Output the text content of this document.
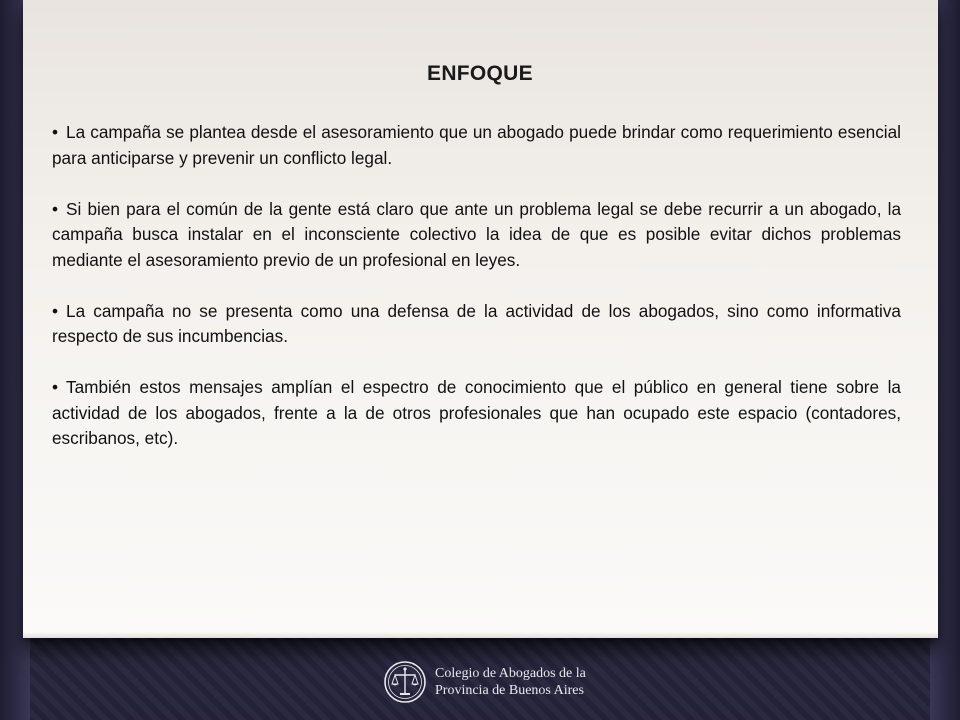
ENFOQUE

• La campaña se plantea desde el asesoramiento que un abogado puede brindar como requerimiento esencial para anticiparse y prevenir un conflicto legal.

• Si bien para el común de la gente está claro que ante un problema legal se debe recurrir a un abogado, la campaña busca instalar en el inconsciente colectivo la idea de que es posible evitar dichos problemas mediante el asesoramiento previo de un profesional en leyes.

• La campaña no se presenta como una defensa de la actividad de los abogados, sino como informativa respecto de sus incumbencias.

• También estos mensajes amplían el espectro de conocimiento que el público en general tiene sobre la actividad de los abogados, frente a la de otros profesionales que han ocupado este espacio (contadores, escribanos, etc).

Colegio de Abogados de la
Provincia de Buenos Aires
